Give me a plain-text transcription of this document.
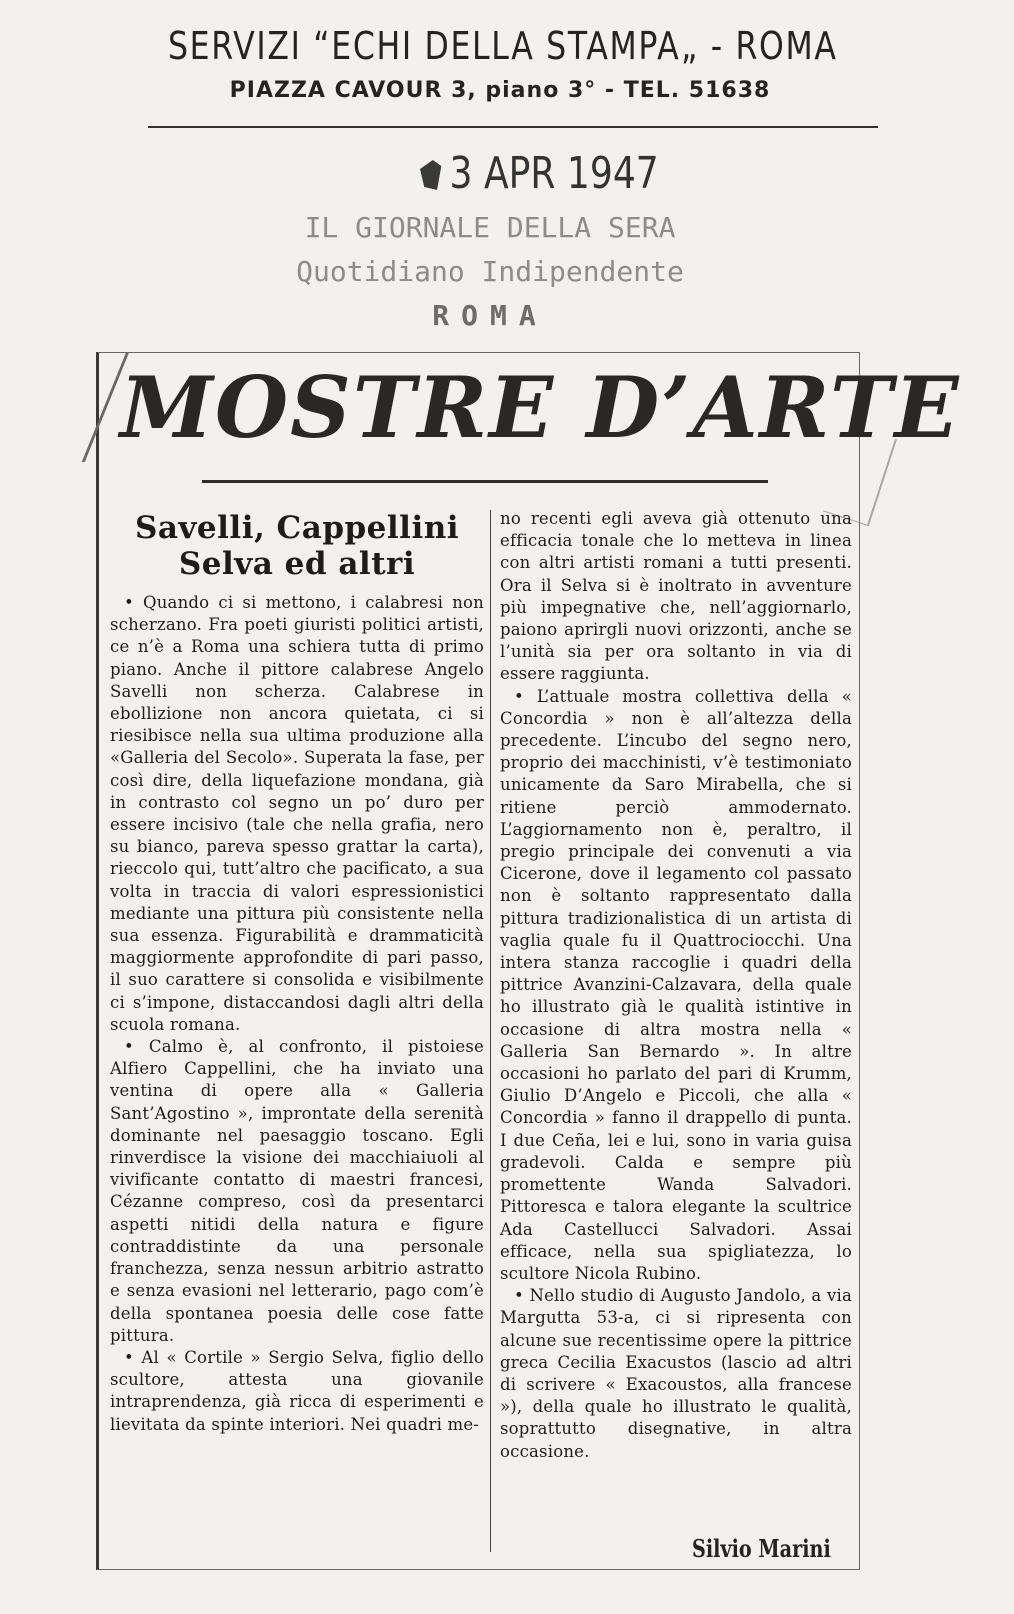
SERVIZI “ECHI DELLA STAMPA„ - ROMA
PIAZZA CAVOUR 3, piano 3° - TEL. 51638
3 APR 1947
IL GIORNALE DELLA SERA
Quotidiano Indipendente
ROMA
MOSTRE D’ARTE
Savelli, Cappellini
Selva ed altri

• Quando ci si mettono, i calabresi non scherzano. Fra poeti giuristi politici artisti, ce n’è a Roma una schiera tutta di primo piano. Anche il pittore calabrese Angelo Savelli non scherza. Calabrese in ebollizione non ancora quietata, ci si riesibisce nella sua ultima produzione alla «Galleria del Secolo». Superata la fase, per così dire, della liquefazione mondana, già in contrasto col segno un po’ duro per essere incisivo (tale che nella grafia, nero su bianco, pareva spesso grattar la carta), rieccolo qui, tutt’altro che pacificato, a sua volta in traccia di valori espressionistici mediante una pittura più consistente nella sua essenza. Figurabilità e drammaticità maggiormente approfondite di pari passo, il suo carattere si consolida e visibilmente ci s’impone, distaccandosi dagli altri della scuola romana.

• Calmo è, al confronto, il pistoiese Alfiero Cappellini, che ha inviato una ventina di opere alla « Galleria Sant’Agostino », improntate della serenità dominante nel paesaggio toscano. Egli rinverdisce la visione dei macchiaiuoli al vivificante contatto di maestri francesi, Cézanne compreso, così da presentarci aspetti nitidi della natura e figure contraddistinte da una personale franchezza, senza nessun arbitrio astratto e senza evasioni nel letterario, pago com’è della spontanea poesia delle cose fatte pittura.

• Al « Cortile » Sergio Selva, figlio dello scultore, attesta una giovanile intraprendenza, già ricca di esperimenti e lievitata da spinte interiori. Nei quadri me-

no recenti egli aveva già ottenuto una efficacia tonale che lo metteva in linea con altri artisti romani a tutti presenti. Ora il Selva si è inoltrato in avventure più impegnative che, nell’aggiornarlo, paiono aprirgli nuovi orizzonti, anche se l’unità sia per ora soltanto in via di essere raggiunta.

• L’attuale mostra collettiva della « Concordia » non è all’altezza della precedente. L’incubo del segno nero, proprio dei macchinisti, v’è testimoniato unicamente da Saro Mirabella, che si ritiene perciò ammodernato. L’aggiornamento non è, peraltro, il pregio principale dei convenuti a via Cicerone, dove il legamento col passato non è soltanto rappresentato dalla pittura tradizionalistica di un artista di vaglia quale fu il Quattrociocchi. Una intera stanza raccoglie i quadri della pittrice Avanzini-Calzavara, della quale ho illustrato già le qualità istintive in occasione di altra mostra nella « Galleria San Bernardo ». In altre occasioni ho parlato del pari di Krumm, Giulio D’Angelo e Piccoli, che alla « Concordia » fanno il drappello di punta. I due Ceña, lei e lui, sono in varia guisa gradevoli. Calda e sempre più promettente Wanda Salvadori. Pittoresca e talora elegante la scultrice Ada Castellucci Salvadori. Assai efficace, nella sua spigliatezza, lo scultore Nicola Rubino.

• Nello studio di Augusto Jandolo, a via Margutta 53-a, ci si ripresenta con alcune sue recentissime opere la pittrice greca Cecilia Exacustos (lascio ad altri di scrivere « Exacoustos, alla francese »), della quale ho illustrato le qualità, soprattutto disegnative, in altra occasione.

Silvio Marini
